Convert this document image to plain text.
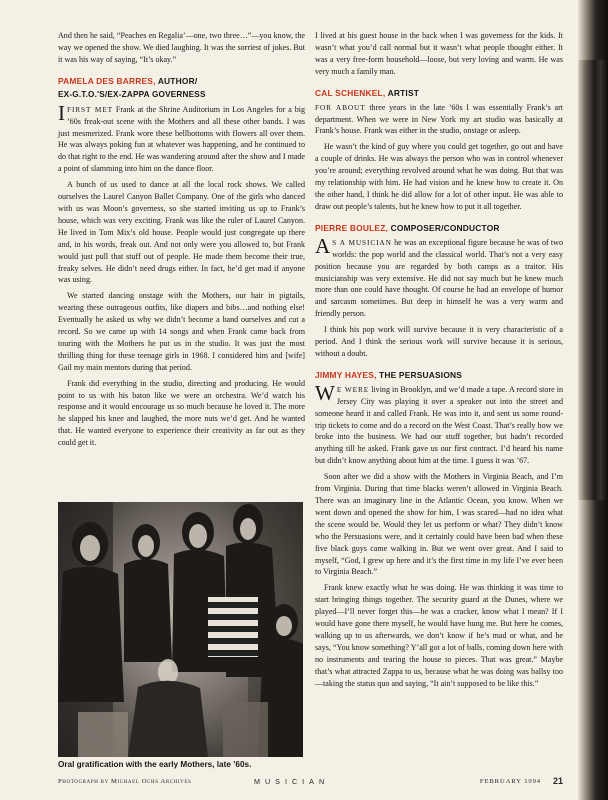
And then he said, “Peaches en Regalia’—one, two three…”—you know, the way we opened the show. We died laughing. It was the sorriest of jokes. But it was his way of saying, “It’s okay.”

PAMELA DES BARRES, AUTHOR/
EX-G.T.O.'S/EX-ZAPPA GOVERNESS

IFIRST MET Frank at the Shrine Auditorium in Los Angeles for a big ’60s freak-out scene with the Mothers and all these other bands. I was just mesmerized. Frank wore these bellbottoms with flowers all over them. He was always poking fun at whatever was happening, and he continued to do that right to the end. He was wandering around after the show and I made a point of slamming into him on the dance floor.

A bunch of us used to dance at all the local rock shows. We called ourselves the Laurel Canyon Ballet Company. One of the girls who danced with us was Moon’s governess, so she started inviting us up to Frank’s house, which was very exciting. Frank was like the ruler of Laurel Canyon. He lived in Tom Mix’s old house. People would just congregate up there and, in his words, freak out. And not only were you allowed to, but Frank would just pull that stuff out of people. He made them become their true, freaky selves. He didn’t need drugs either. In fact, he’d get mad if anyone was using.

We started dancing onstage with the Mothers, our hair in pigtails, wearing these outrageous outfits, like diapers and bibs…and nothing else! Eventually he asked us why we didn’t become a band ourselves and cut a record. So we came up with 14 songs and when Frank came back from touring with the Mothers he put us in the studio. It was just the most thrilling thing for these teenage girls in 1968. I considered him and [wife] Gail my main mentors during that period.

Frank did everything in the studio, directing and producing. He would point to us with his baton like we were an orchestra. We’d watch his response and it would encourage us so much because he loved it. The more he slapped his knee and laughed, the more nuts we’d get. And he wanted that. He wanted everyone to experience their creativity as far out as they could get it.

Oral gratification with the early Mothers, late ’60s.

I lived at his guest house in the back when I was governess for the kids. It wasn’t what you’d call normal but it wasn’t what people thought either. It was a very free-form household—loose, but very loving and warm. He was very much a family man.

CAL SCHENKEL, ARTIST

FOR ABOUT three years in the late ’60s I was essentially Frank’s art department. When we were in New York my art studio was basically at Frank’s house. Frank was either in the studio, onstage or asleep.

He wasn’t the kind of guy where you could get together, go out and have a couple of drinks. He was always the person who was in control whenever you’re around; everything revolved around what he was doing. But that was my relationship with him. He had vision and he knew how to create it. On the other hand, I think he did allow for a lot of other input. He was able to draw out people’s talents, but he knew how to put it all together.

PIERRE BOULEZ, COMPOSER/CONDUCTOR

A S A MUSICIAN he was an exceptional figure because he was of two worlds: the pop world and the classical world. That’s not a very easy position because you are regarded by both camps as a traitor. His musicianship was very extensive. He did not say much but he knew much more than one could have thought. Of course he had an envelope of humor and sarcasm sometimes. But deep in himself he was a very warm and friendly person.

I think his pop work will survive because it is very characteristic of a period. And I think the serious work will survive because it is serious, without a doubt.

JIMMY HAYES, THE PERSUASIONS

W E WERE living in Brooklyn, and we’d made a tape. A record store in Jersey City was playing it over a speaker out into the street and someone heard it and called Frank. He was into it, and sent us some round-trip tickets to come and do a record on the West Coast. That’s really how we broke into the business. We had our stuff together, but hadn’t recorded anything till he asked. Frank gave us our first contract. I’d heard his name but didn’t know anything about him at the time. I guess it was ’67.

Soon after we did a show with the Mothers in Virginia Beach, and I’m from Virginia. During that time blacks weren’t allowed in Virginia Beach. There was an imaginary line in the Atlantic Ocean, you know. When we went down and opened the show for him, I was scared—had no idea what the scene would be. Would they let us perform or what? They didn’t know who the Persuasions were, and it certainly could have been bad when these five black guys came walking in. But we went over great. And I said to myself, “God, I grew up here and it’s the first time in my life I’ve ever been to Virginia Beach.”

Frank knew exactly what he was doing. He was thinking it was time to start bringing things together. The security guard at the Dunes, where we played—I’ll never forget this—he was a cracker, know what I mean? If I would have gone there myself, he would have hung me. But here he comes, walking up to us afterwards, we don’t know if he’s mad or what, and he says, “You know something? Y’all got a lot of balls, coming down here with no instruments and tearing the house to pieces. That was great.” Maybe that’s what attracted Zappa to us, because what he was doing was ballsy too—taking the status quo and saying, “It ain’t supposed to be like this.”

Photograph by Michael Ochs Archives	MUSICIAN	FEBRUARY 1994 21
